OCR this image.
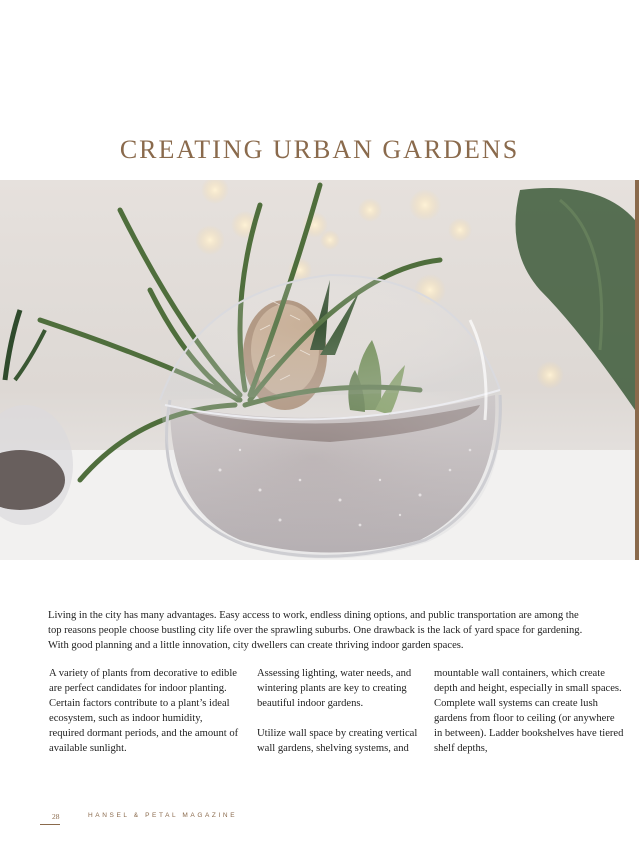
CREATING URBAN GARDENS

Living in the city has many advantages. Easy access to work, endless dining options, and public transportation are among the top reasons people choose bustling city life over the sprawling suburbs. One drawback is the lack of yard space for gardening. With good planning and a little innovation, city dwellers can create thriving indoor garden spaces.

A variety of plants from decorative to edible are perfect candidates for indoor planting. Certain factors contribute to a plant’s ideal ecosystem, such as indoor humidity, required dormant periods, and the amount of available sunlight.

Assessing lighting, water needs, and wintering plants are key to creating beautiful indoor gardens.

Utilize wall space by creating vertical wall gardens, shelving systems, and

mountable wall containers, which create depth and height, especially in small spaces. Complete wall systems can create lush gardens from floor to ceiling (or anywhere in between). Ladder bookshelves have tiered shelf depths,

28	HANSEL & PETAL MAGAZINE
